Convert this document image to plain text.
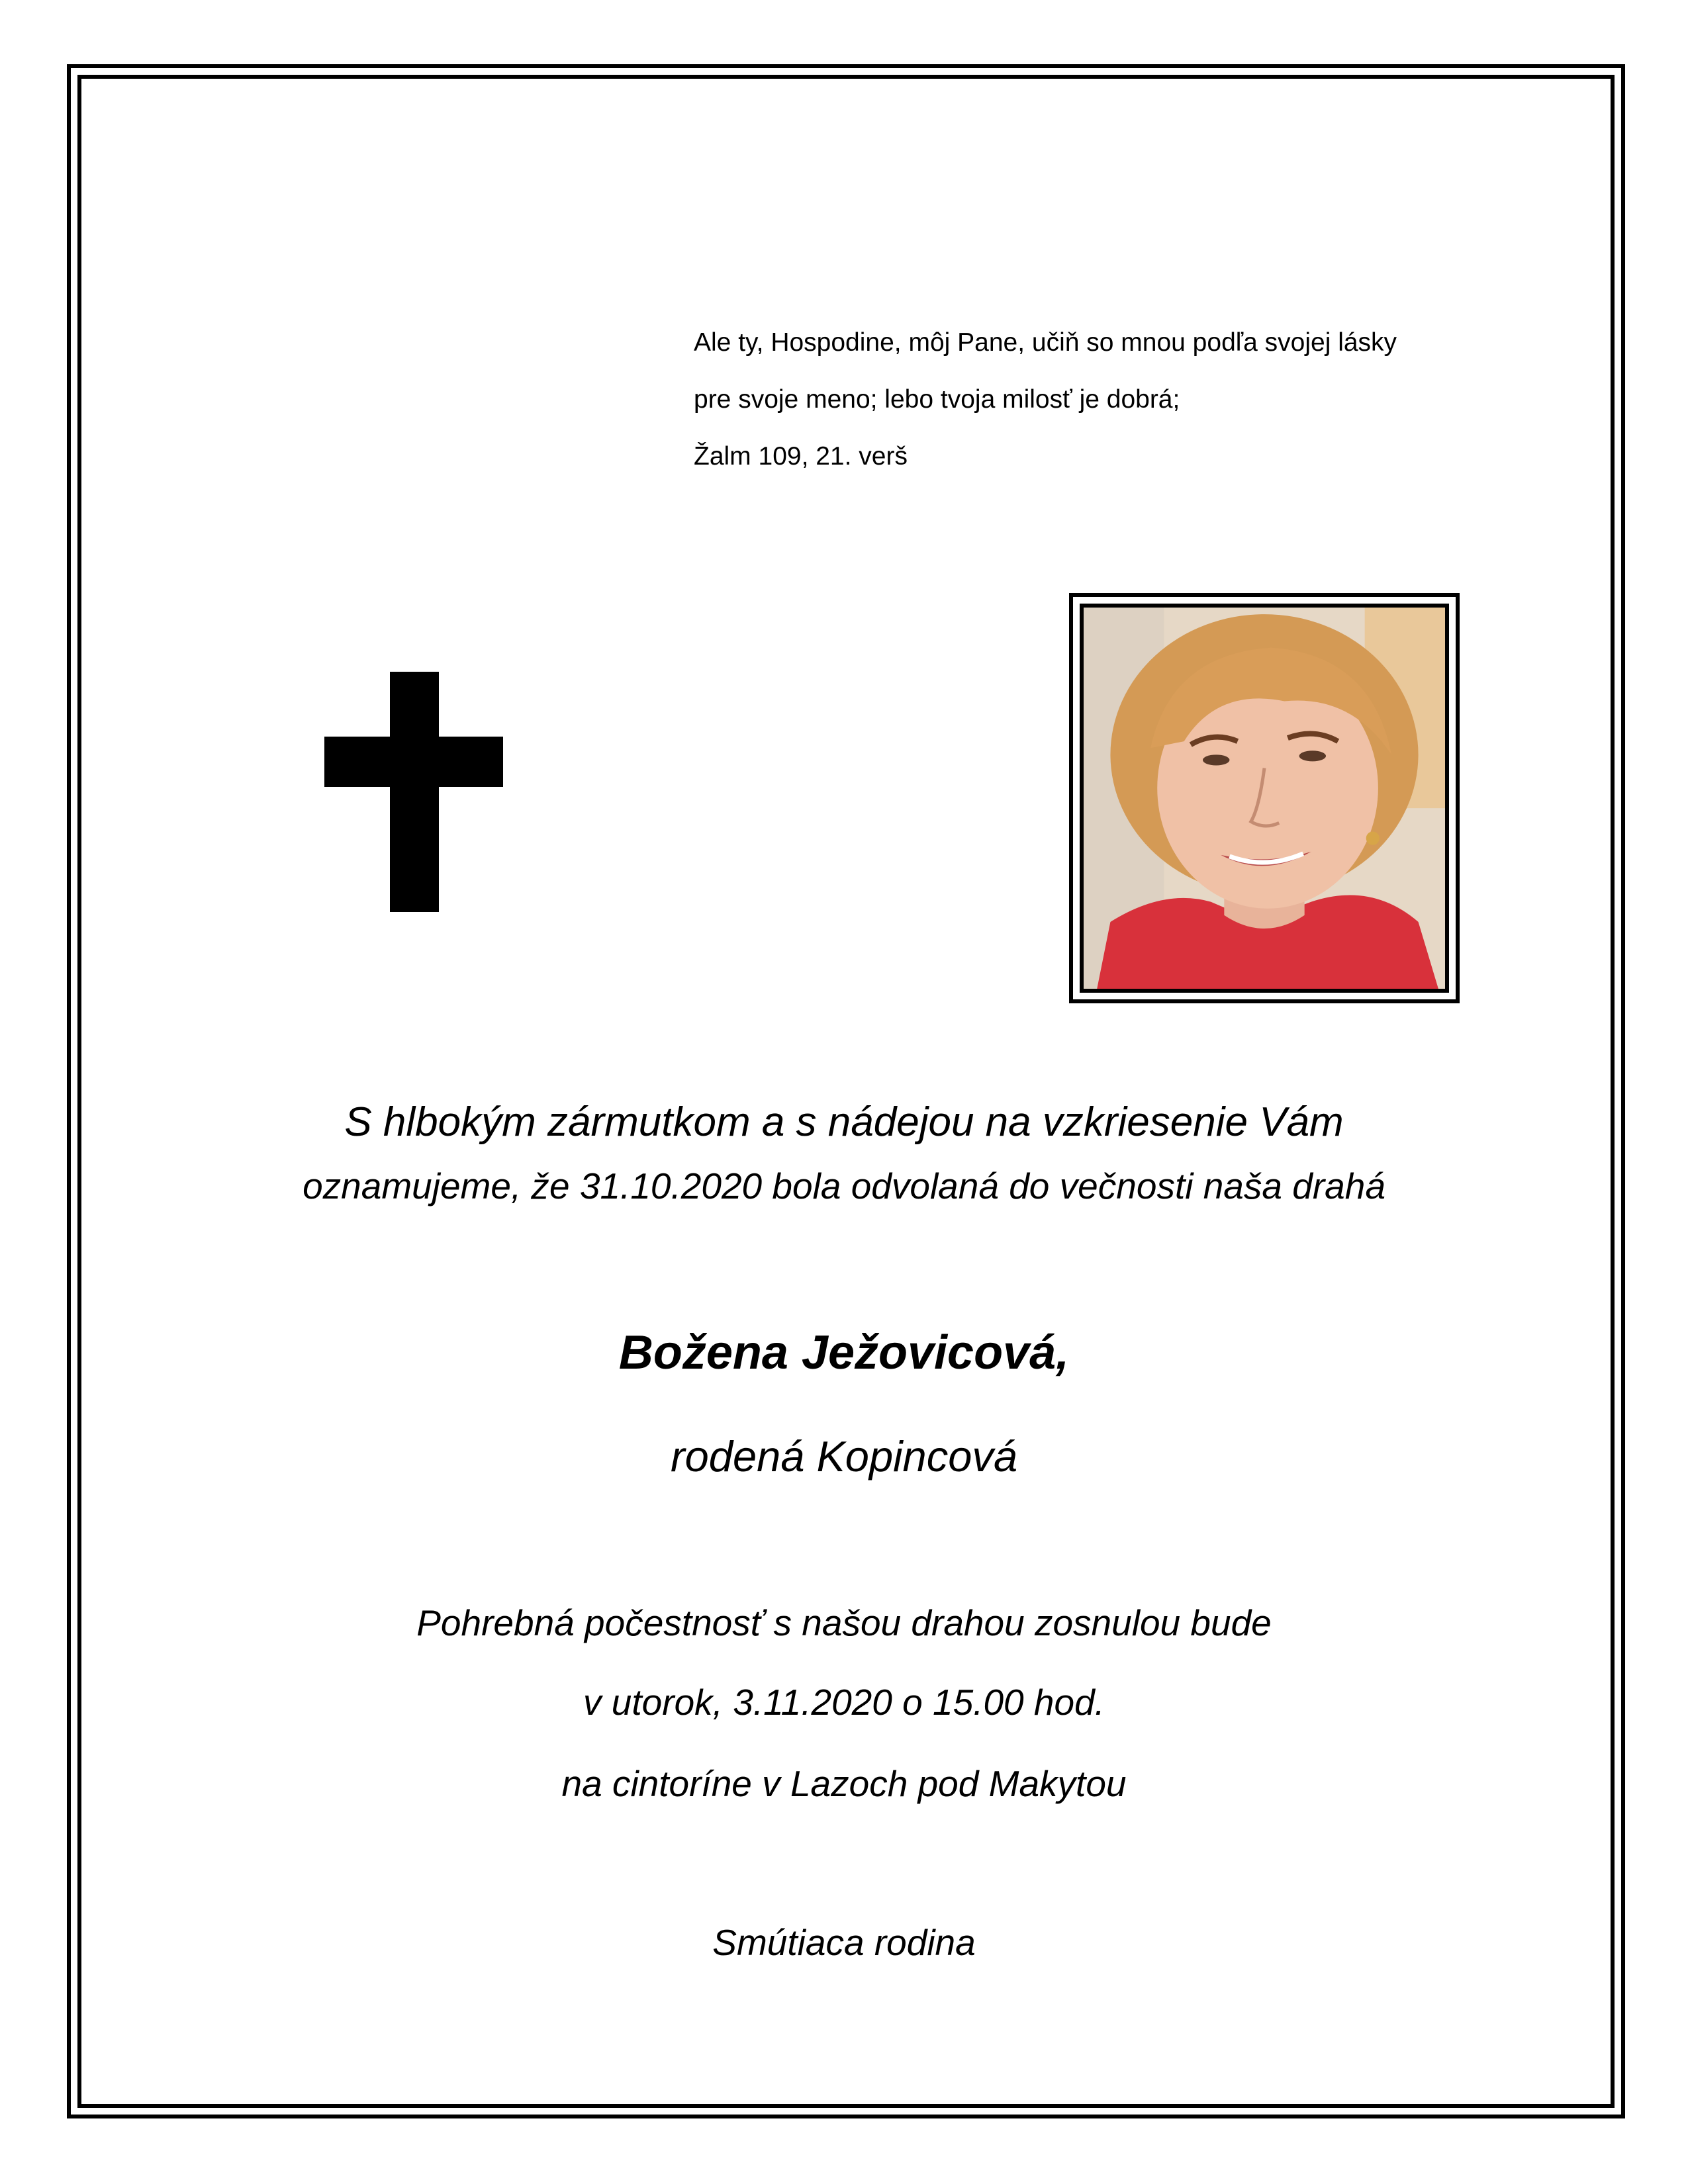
Ale ty, Hospodine, môj Pane, učiň so mnou podľa svojej lásky

pre svoje meno; lebo tvoja milosť je dobrá;

Žalm 109, 21. verš

S hlbokým zármutkom a s nádejou na vzkriesenie Vám
oznamujeme, že 31.10.2020 bola odvolaná do večnosti naša drahá
Božena Ježovicová,
rodená Kopincová
Pohrebná počestnosť s našou drahou zosnulou bude
v utorok, 3.11.2020 o 15.00 hod.
na cintoríne v Lazoch pod Makytou
Smútiaca rodina
